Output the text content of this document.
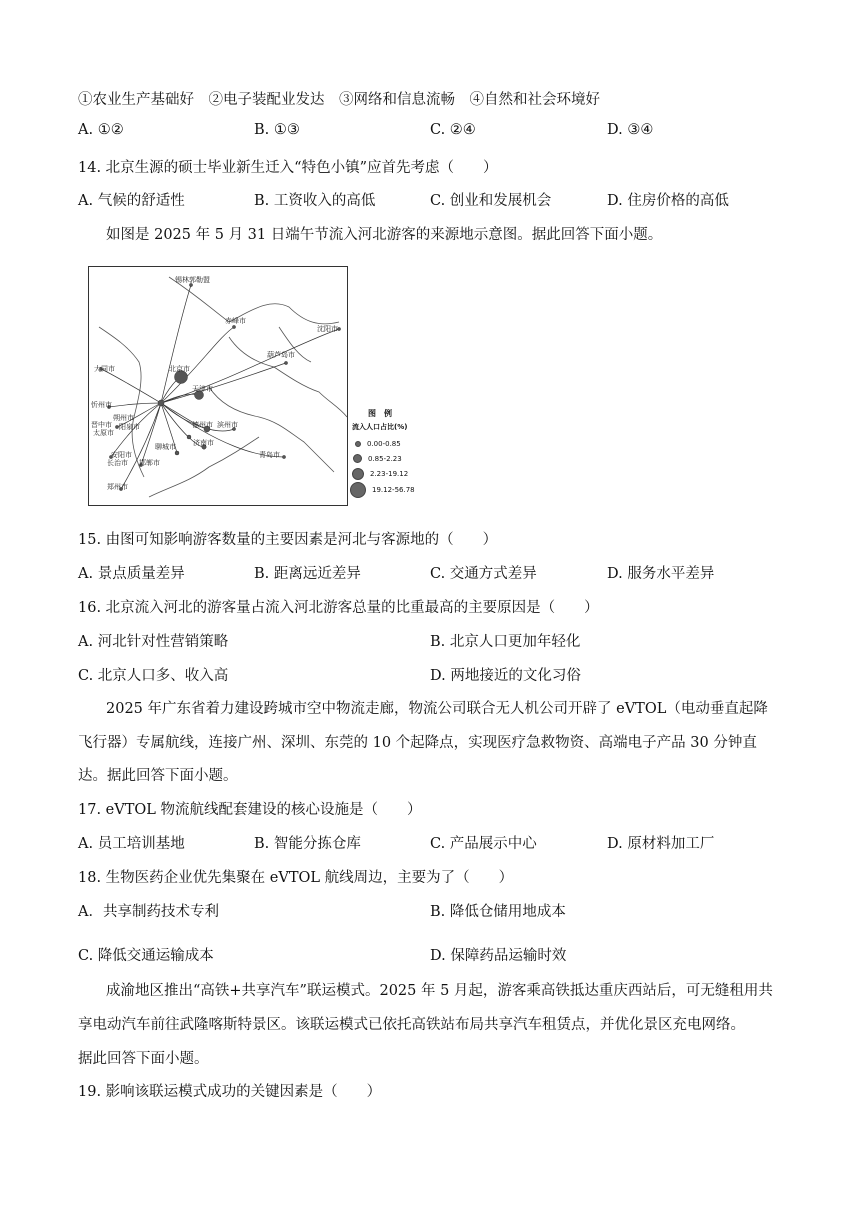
①农业生产基础好　②电子装配业发达　③网络和信息流畅　④自然和社会环境好
A. ①②	B. ①③	C. ②④	D. ③④
14. 北京生源的硕士毕业新生迁入“特色小镇”应首先考虑（　　）
A. 气候的舒适性	B. 工资收入的高低	C. 创业和发展机会	D. 住房价格的高低
如图是 2025 年 5 月 31 日端午节流入河北游客的来源地示意图。据此回答下面小题。
锡林郭勒盟
赤峰市
沈阳市
葫芦岛市
北京市
天津市
大同市
忻州市
朔州市
阳泉市
晋中市
太原市
德州市 滨州市
济南市
聊城市
安阳市
长治市 邯郸市
青岛市
郑州市
图　例
流入人口占比(%)
0.00-0.85
0.85-2.23
2.23-19.12
19.12-56.78
15. 由图可知影响游客数量的主要因素是河北与客源地的（　　）
A. 景点质量差异	B. 距离远近差异	C. 交通方式差异	D. 服务水平差异
16. 北京流入河北的游客量占流入河北游客总量的比重最高的主要原因是（　　）
A. 河北针对性营销策略	B. 北京人口更加年轻化
C. 北京人口多、收入高	D. 两地接近的文化习俗
2025 年广东省着力建设跨城市空中物流走廊，物流公司联合无人机公司开辟了 eVTOL（电动垂直起降
飞行器）专属航线，连接广州、深圳、东莞的 10 个起降点，实现医疗急救物资、高端电子产品 30 分钟直
达。据此回答下面小题。
17. eVTOL 物流航线配套建设的核心设施是（　　）
A. 员工培训基地	B. 智能分拣仓库	C. 产品展示中心	D. 原材料加工厂
18. 生物医药企业优先集聚在 eVTOL 航线周边，主要为了（　　）
A．共享制药技术专利	B. 降低仓储用地成本
C. 降低交通运输成本	D. 保障药品运输时效
成渝地区推出“高铁+共享汽车”联运模式。2025 年 5 月起，游客乘高铁抵达重庆西站后，可无缝租用共
享电动汽车前往武隆喀斯特景区。该联运模式已依托高铁站布局共享汽车租赁点，并优化景区充电网络。
据此回答下面小题。
19. 影响该联运模式成功的关键因素是（　　）
